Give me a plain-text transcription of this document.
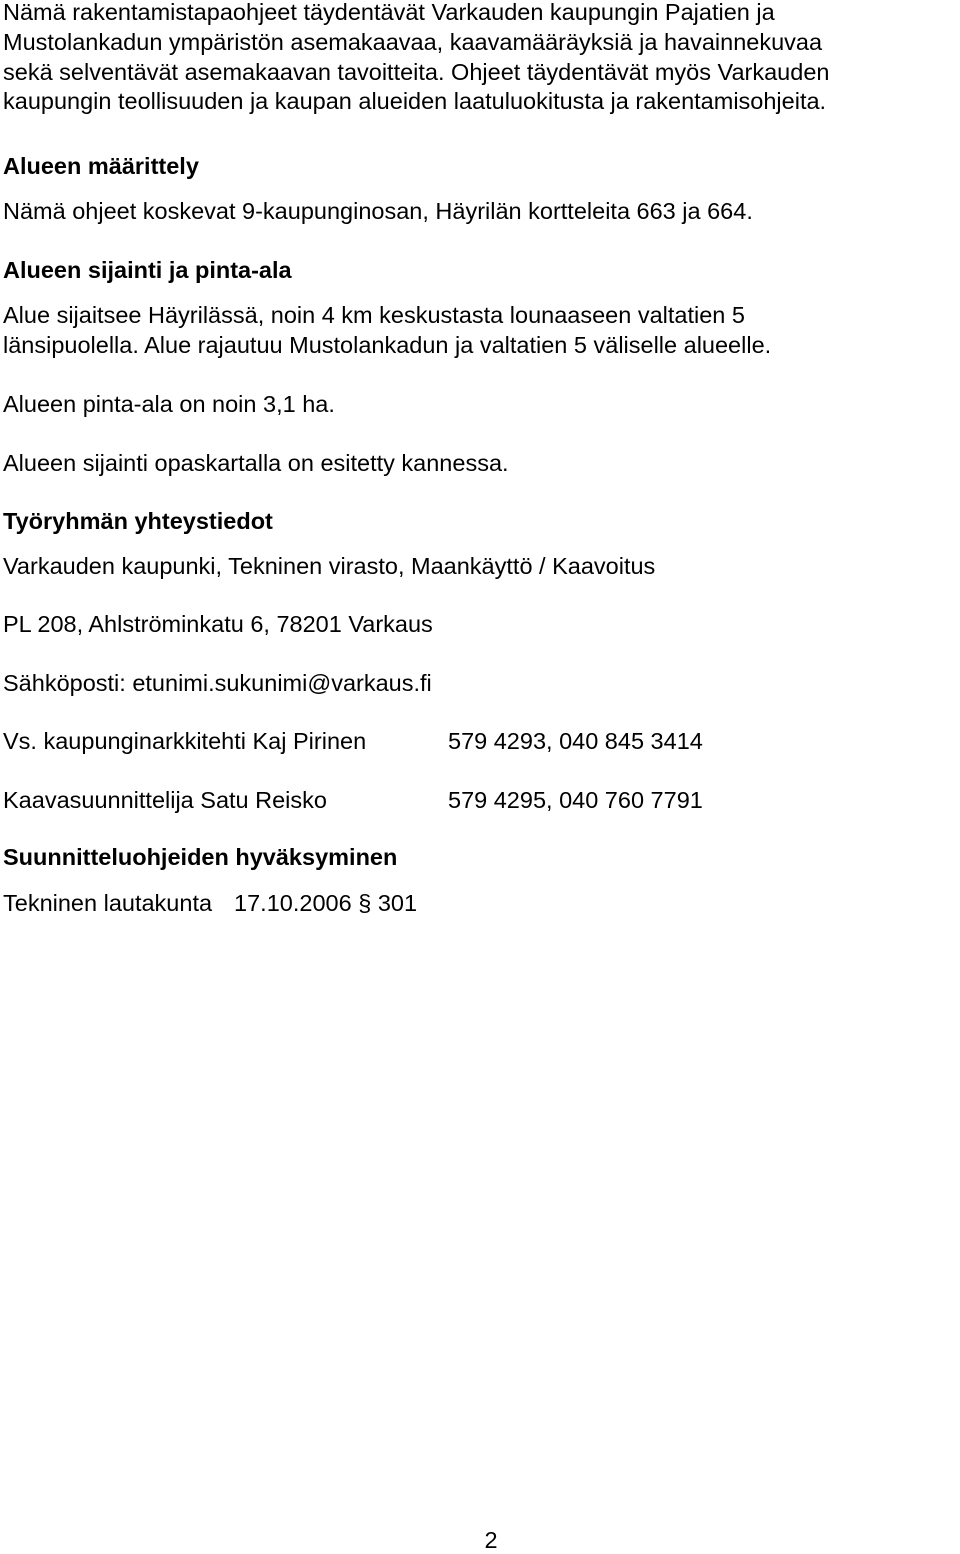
Nämä rakentamistapaohjeet täydentävät Varkauden kaupungin Pajatien ja

Mustolankadun ympäristön asemakaavaa, kaavamääräyksiä ja havainnekuvaa

sekä selventävät asemakaavan tavoitteita. Ohjeet täydentävät myös Varkauden

kaupungin teollisuuden ja kaupan alueiden laatuluokitusta ja rakentamisohjeita.

Alueen määrittely

Nämä ohjeet koskevat 9-kaupunginosan, Häyrilän kortteleita 663 ja 664.

Alueen sijainti ja pinta-ala

Alue sijaitsee Häyrilässä, noin 4 km keskustasta lounaaseen valtatien 5

länsipuolella. Alue rajautuu Mustolankadun ja valtatien 5 väliselle alueelle.

Alueen pinta-ala on noin 3,1 ha.

Alueen sijainti opaskartalla on esitetty kannessa.

Työryhmän yhteystiedot

Varkauden kaupunki, Tekninen virasto, Maankäyttö / Kaavoitus

PL 208, Ahlströminkatu 6, 78201 Varkaus

Sähköposti: etunimi.sukunimi@varkaus.fi

Vs. kaupunginarkkitehti Kaj Pirinen	579 4293, 040 845 3414

Kaavasuunnittelija Satu Reisko	579 4295, 040 760 7791

Suunnitteluohjeiden hyväksyminen

Tekninen lautakunta 17.10.2006 § 301

2
